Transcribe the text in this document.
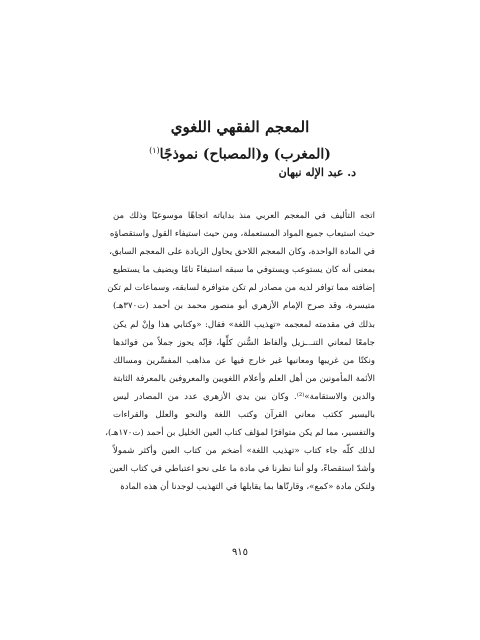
المعجم الفقهي اللغوي
(المغرب) و(المصباح) نموذجًا$^{(١)}$

د. عبد الإله نبهان

اتجه التأليف في المعجم العربي منذ بداياته اتجاهًا موسوعيًا وذلك من
حيث استيعاب جميع المواد المستعملة، ومن حيث استيفاء القول واستقصاؤه
في المادة الواحدة، وكان المعجم اللاحق يحاول الزيادة على المعجم السابق،
بمعنى أنه كان يستوعب ويستوفي ما سبقه استيفاءً تامًا ويضيف ما يستطيع
إضافته مما توافر لديه من مصادر لم تكن متوافرة لسابقه، وسماعات لم تكن
متيسرة، وقد صرح الإمام الأزهري أبو منصور محمد بن أحمد (ت٣٧٠هـ)
بذلك في مقدمته لمعجمه «تهذيب اللغة» فقال: «وكتابي هذا وإنْ لم يكن
جامعًا لمعاني التنـ.ـزيل وألفاظ السُّنن كلِّها، فإنّه يحوز جملاً من فوائدها
ونكتًا من غريبها ومعانيها غير خارج فيها عن مذاهب المفسِّرين ومسالك
الأئمة المأمونين من أهل العلم وأعلام اللغويين والمعروفين بالمعرفة الثابتة
والدين والاستقامة»⁽²⁾. وكان بين يدي الأزهري عدد من المصادر ليس
باليسير ككتب معاني القرآن وكتب اللغة والنحو والعلل والقراءات
والتفسير، مما لم يكن متوافرًا لمؤلف كتاب العين الخليل بن أحمد (ت١٧٠هـ)،
لذلك كلّه جاء كتاب «تهذيب اللغة» أضخم من كتاب العين وأكثر شمولاً
وأشدّ استقصاءً، ولو أننا نظرنا في مادة ما على نحو اعتباطي في كتاب العين
ولتكن مادة «كمع»، وقارنّاها بما يقابلها في التهذيب لوجدنا أن هذه المادة

٩١٥
